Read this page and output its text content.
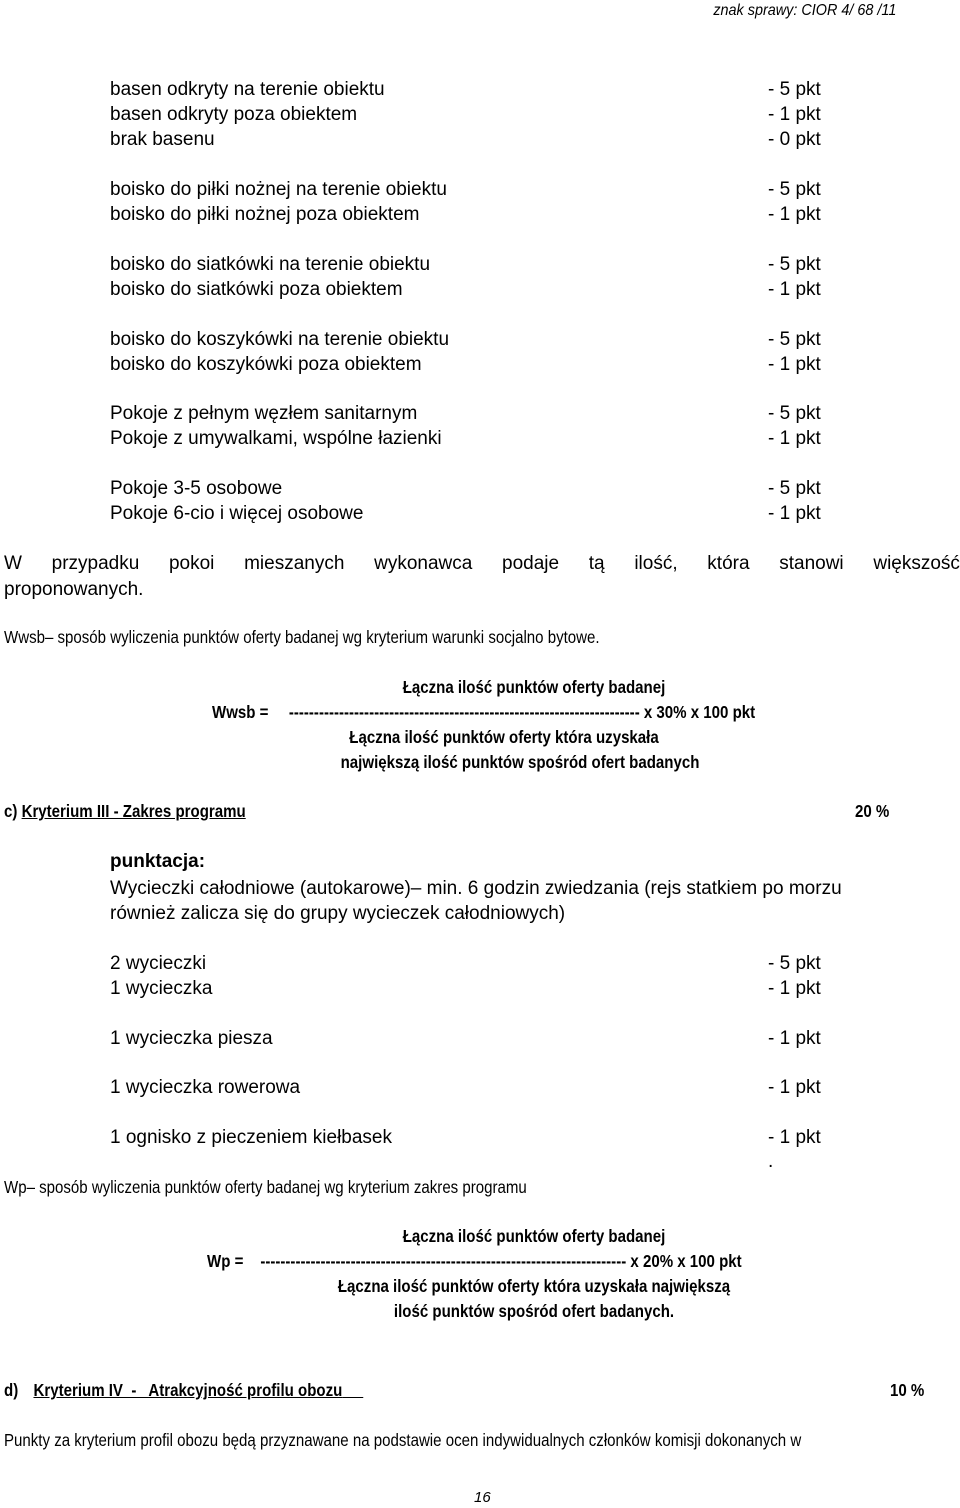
znak sprawy: CIOR 4/ 68 /11
basen odkryty na terenie obiektu	- 5 pkt
basen odkryty poza obiektem	- 1 pkt
brak basenu	- 0 pkt
boisko do piłki nożnej na terenie obiektu	- 5 pkt
boisko do piłki nożnej poza obiektem	- 1 pkt
boisko do siatkówki na terenie obiektu	- 5 pkt
boisko do siatkówki poza obiektem	- 1 pkt
boisko do koszykówki na terenie obiektu	- 5 pkt
boisko do koszykówki poza obiektem	- 1 pkt
Pokoje z pełnym węzłem sanitarnym	- 5 pkt
Pokoje z umywalkami, wspólne łazienki	- 1 pkt
Pokoje 3-5 osobowe	- 5 pkt
Pokoje 6-cio i więcej osobowe	- 1 pkt
W przypadku pokoi mieszanych wykonawca podaje tą ilość, która stanowi większość
proponowanych.
Wwsb– sposób wyliczenia punktów oferty badanej wg kryterium warunki socjalno bytowe.
Łączna ilość punktów oferty badanej
Wwsb = ---------------------------------------------------------------------- x 30% x 100 pkt
Łączna ilość punktów oferty która uzyskała
największą ilość punktów spośród ofert badanych
c) Kryterium III - Zakres programu	20 %
punktacja:
Wycieczki całodniowe (autokarowe)– min. 6 godzin zwiedzania (rejs statkiem po morzu
również zalicza się do grupy wycieczek całodniowych)
2 wycieczki	- 5 pkt
1 wycieczka	- 1 pkt
1 wycieczka piesza	- 1 pkt
1 wycieczka rowerowa	- 1 pkt
1 ognisko z pieczeniem kiełbasek	- 1 pkt
.
Wp– sposób wyliczenia punktów oferty badanej wg kryterium zakres programu
Łączna ilość punktów oferty badanej
Wp = ------------------------------------------------------------------------- x 20% x 100 pkt
Łączna ilość punktów oferty która uzyskała największą
ilość punktów spośród ofert badanych.
d) Kryterium IV  -   Atrakcyjność profilu obozu	10 %
Punkty za kryterium profil obozu będą przyznawane na podstawie ocen indywidualnych członków komisji dokonanych w
16
